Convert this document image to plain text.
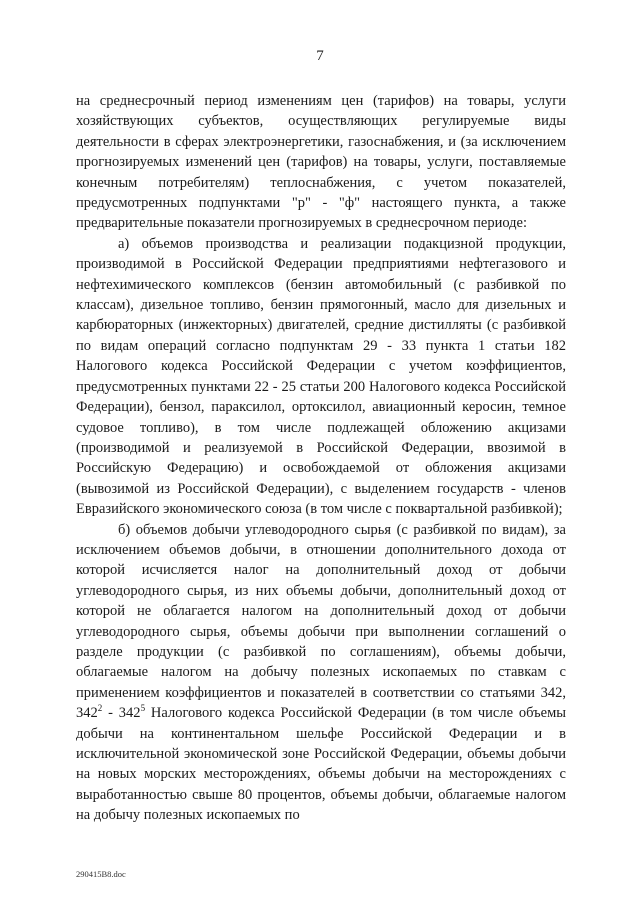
7

на среднесрочный период изменениям цен (тарифов) на товары, услуги хозяйствующих субъектов, осуществляющих регулируемые виды деятельности в сферах электроэнергетики, газоснабжения, и (за исключением прогнозируемых изменений цен (тарифов) на товары, услуги, поставляемые конечным потребителям) теплоснабжения, с учетом показателей, предусмотренных подпунктами "р" - "ф" настоящего пункта, а также предварительные показатели прогнозируемых в среднесрочном периоде:

а) объемов производства и реализации подакцизной продукции, производимой в Российской Федерации предприятиями нефтегазового и нефтехимического комплексов (бензин автомобильный (с разбивкой по классам), дизельное топливо, бензин прямогонный, масло для дизельных и карбюраторных (инжекторных) двигателей, средние дистилляты (с разбивкой по видам операций согласно подпунктам 29 - 33 пункта 1 статьи 182 Налогового кодекса Российской Федерации с учетом коэффициентов, предусмотренных пунктами 22 - 25 статьи 200 Налогового кодекса Российской Федерации), бензол, параксилол, ортоксилол, авиационный керосин, темное судовое топливо), в том числе подлежащей обложению акцизами (производимой и реализуемой в Российской Федерации, ввозимой в Российскую Федерацию) и освобождаемой от обложения акцизами (вывозимой из Российской Федерации), с выделением государств - членов Евразийского экономического союза (в том числе с поквартальной разбивкой);

б) объемов добычи углеводородного сырья (с разбивкой по видам), за исключением объемов добычи, в отношении дополнительного дохода от которой исчисляется налог на дополнительный доход от добычи углеводородного сырья, из них объемы добычи, дополнительный доход от которой не облагается налогом на дополнительный доход от добычи углеводородного сырья, объемы добычи при выполнении соглашений о разделе продукции (с разбивкой по соглашениям), объемы добычи, облагаемые налогом на добычу полезных ископаемых по ставкам с применением коэффициентов и показателей в соответствии со статьями 342, $342^2 - 342^5$ Налогового кодекса Российской Федерации (в том числе объемы добычи на континентальном шельфе Российской Федерации и в исключительной экономической зоне Российской Федерации, объемы добычи на новых морских месторождениях, объемы добычи на месторождениях с выработанностью свыше 80 процентов, объемы добычи, облагаемые налогом на добычу полезных ископаемых по

290415B8.doc
